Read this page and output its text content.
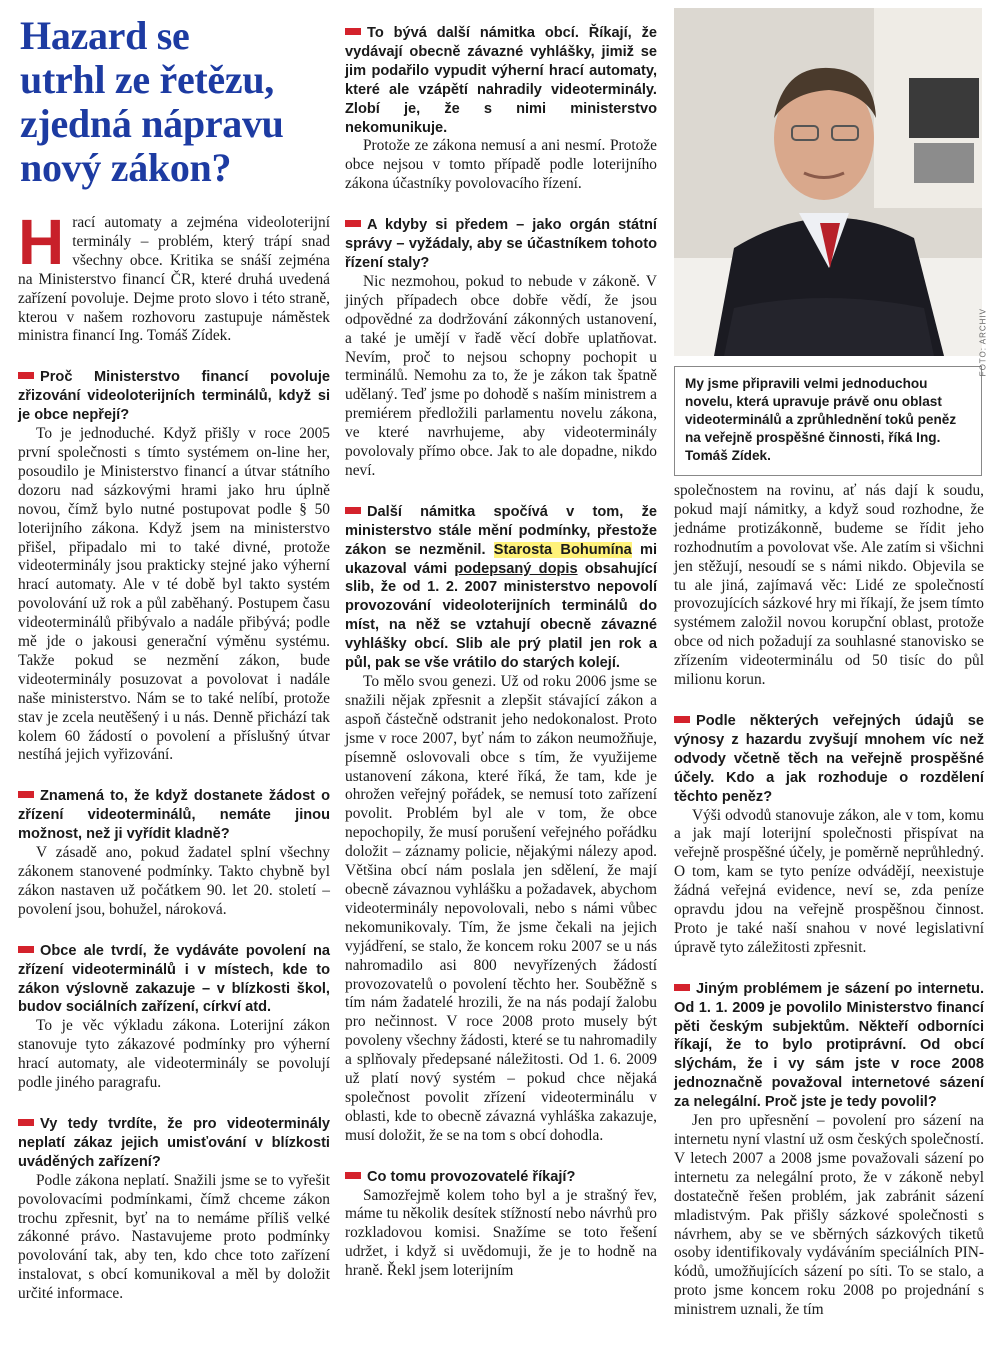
Hazard se
utrhl ze řetězu,
zjedná nápravu
nový zákon?

Hrací automaty a zejména videoloterijní terminály – problém, který trápí snad všechny obce. Kritika se snáší zejména na Ministerstvo financí ČR, které druhá uvedená zařízení povoluje. Dejme proto slovo i této straně, kterou v našem rozhovoru zastupuje náměstek ministra financí Ing. Tomáš Zídek.

Proč Ministerstvo financí povoluje zřizování videoloterijních terminálů, když si je obce nepřejí?

To je jednoduché. Když přišly v roce 2005 první společnosti s tímto systémem on-line her, posoudilo je Ministerstvo financí a útvar státního dozoru nad sázkovými hrami jako hru úplně novou, čímž bylo nutné postupovat podle § 50 loterijního zákona. Když jsem na ministerstvo přišel, připadalo mi to také divné, protože videoterminály jsou prakticky stejné jako výherní hrací automaty. Ale v té době byl takto systém povolování už rok a půl zaběhaný. Postupem času videoterminálů přibývalo a nadále přibývá; podle mě jde o jakousi generační výměnu systému. Takže pokud se nezmění zákon, bude videoterminály posuzovat a povolovat i nadále naše ministerstvo. Nám se to také nelíbí, protože stav je zcela neutěšený i u nás. Denně přichází tak kolem 60 žádostí o povolení a příslušný útvar nestíhá jejich vyřizování.

Znamená to, že když dostanete žádost o zřízení videoterminálů, nemáte jinou možnost, než ji vyřídit kladně?

V zásadě ano, pokud žadatel splní všechny zákonem stanovené podmínky. Takto chybně byl zákon nastaven už počátkem 90. let 20. století – povolení jsou, bohužel, nároková.

Obce ale tvrdí, že vydáváte povolení na zřízení videoterminálů i v místech, kde to zákon výslovně zakazuje – v blízkosti škol, budov sociálních zařízení, církví atd.

To je věc výkladu zákona. Loterijní zákon stanovuje tyto zákazové podmínky pro výherní hrací automaty, ale videoterminály se povolují podle jiného paragrafu.

Vy tedy tvrdíte, že pro videoterminály neplatí zákaz jejich umisťování v blízkosti uváděných zařízení?

Podle zákona neplatí. Snažili jsme se to vyřešit povolovacími podmínkami, čímž chceme zákon trochu zpřesnit, byť na to nemáme příliš velké zákonné právo. Nastavujeme proto podmínky povolování tak, aby ten, kdo chce toto zařízení instalovat, s obcí komunikoval a měl by doložit určité informace.

To bývá další námitka obcí. Říkají, že vydávají obecně závazné vyhlášky, jimiž se jim podařilo vypudit výherní hrací automaty, které ale vzápětí nahradily videoterminály. Zlobí je, že s nimi ministerstvo nekomunikuje.

Protože ze zákona nemusí a ani nesmí. Protože obce nejsou v tomto případě podle loterijního zákona účastníky povolovacího řízení.

A kdyby si předem – jako orgán státní správy – vyžádaly, aby se účastníkem tohoto řízení staly?

Nic nezmohou, pokud to nebude v zákoně. V jiných případech obce dobře vědí, že jsou odpovědné za dodržování zákonných ustanovení, a také je umějí v řadě věcí dobře uplatňovat. Nevím, proč to nejsou schopny pochopit u terminálů. Nemohu za to, že je zákon tak špatně udělaný. Teď jsme po dohodě s naším ministrem a premiérem předložili parlamentu novelu zákona, ve které navrhujeme, aby videoterminály povolovaly přímo obce. Jak to ale dopadne, nikdo neví.

Další námitka spočívá v tom, že ministerstvo stále mění podmínky, přestože zákon se nezměnil. Starosta Bohumína mi ukazoval vámi podepsaný dopis obsahující slib, že od 1. 2. 2007 ministerstvo nepovolí provozování videoloterijních terminálů do míst, na něž se vztahují obecně závazné vyhlášky obcí. Slib ale prý platil jen rok a půl, pak se vše vrátilo do starých kolejí.

To mělo svou genezi. Už od roku 2006 jsme se snažili nějak zpřesnit a zlepšit stávající zákon a aspoň částečně odstranit jeho nedokonalost. Proto jsme v roce 2007, byť nám to zákon neumožňuje, písemně oslovovali obce s tím, že využijeme ustanovení zákona, které říká, že tam, kde je ohrožen veřejný pořádek, se nemusí toto zařízení povolit. Problém byl ale v tom, že obce nepochopily, že musí porušení veřejného pořádku doložit – záznamy policie, nějakými nálezy apod. Většina obcí nám poslala jen sdělení, že mají obecně závaznou vyhlášku a požadavek, abychom videoterminály nepovolovali, nebo s námi vůbec nekomunikovaly. Tím, že jsme čekali na jejich vyjádření, se stalo, že koncem roku 2007 se u nás nahromadilo asi 800 nevyřízených žádostí provozovatelů o povolení těchto her. Souběžně s tím nám žadatelé hrozili, že na nás podají žalobu pro nečinnost. V roce 2008 proto musely být povoleny všechny žádosti, které se tu nahromadily a splňovaly předepsané náležitosti. Od 1. 6. 2009 už platí nový systém – pokud chce nějaká společnost povolit zřízení videoterminálu v oblasti, kde to obecně závazná vyhláška zakazuje, musí doložit, že se na tom s obcí dohodla.

Co tomu provozovatelé říkají?

Samozřejmě kolem toho byl a je strašný řev, máme tu několik desítek stížností nebo návrhů pro rozkladovou komisi. Snažíme se toto řešení udržet, i když si uvědomuji, že je to hodně na hraně. Řekl jsem loterijním

FOTO: ARCHIV
My jsme připravili velmi jednoduchou novelu, která upravuje právě onu oblast videoterminálů a zprůhlednění toků peněz na veřejně prospěšné činnosti, říká Ing. Tomáš Zídek.

společnostem na rovinu, ať nás dají k soudu, pokud mají námitky, a když soud rozhodne, že jednáme protizákonně, budeme se řídit jeho rozhodnutím a povolovat vše. Ale zatím si všichni jen stěžují, nesoudí se s námi nikdo. Objevila se tu ale jiná, zajímavá věc: Lidé ze společností provozujících sázkové hry mi říkají, že jsem tímto systémem založil novou korupční oblast, protože obce od nich požadují za souhlasné stanovisko se zřízením videoterminálu od 50 tisíc do půl milionu korun.

Podle některých veřejných údajů se výnosy z hazardu zvyšují mnohem víc než odvody včetně těch na veřejně prospěšné účely. Kdo a jak rozhoduje o rozdělení těchto peněz?

Výši odvodů stanovuje zákon, ale v tom, komu a jak mají loterijní společnosti přispívat na veřejně prospěšné účely, je poměrně neprůhledný. O tom, kam se tyto peníze odvádějí, neexistuje žádná veřejná evidence, neví se, zda peníze opravdu jdou na veřejně prospěšnou činnost. Proto je také naší snahou v nové legislativní úpravě tyto záležitosti zpřesnit.

Jiným problémem je sázení po internetu. Od 1. 1. 2009 je povolilo Ministerstvo financí pěti českým subjektům. Někteří odborníci říkají, že to bylo protiprávní. Od obcí slýchám, že i vy sám jste v roce 2008 jednoznačně považoval internetové sázení za nelegální. Proč jste je tedy povolil?

Jen pro upřesnění – povolení pro sázení na internetu nyní vlastní už osm českých společností. V letech 2007 a 2008 jsme považovali sázení po internetu za nelegální proto, že v zákoně nebyl dostatečně řešen problém, jak zabránit sázení mladistvým. Pak přišly sázkové společnosti s návrhem, aby se ve sběrných sázkových tiketů osoby identifikovaly vydáváním speciálních PIN-kódů, umožňujících sázení po síti. To se stalo, a proto jsme koncem roku 2008 po projednání s ministrem uznali, že tím
